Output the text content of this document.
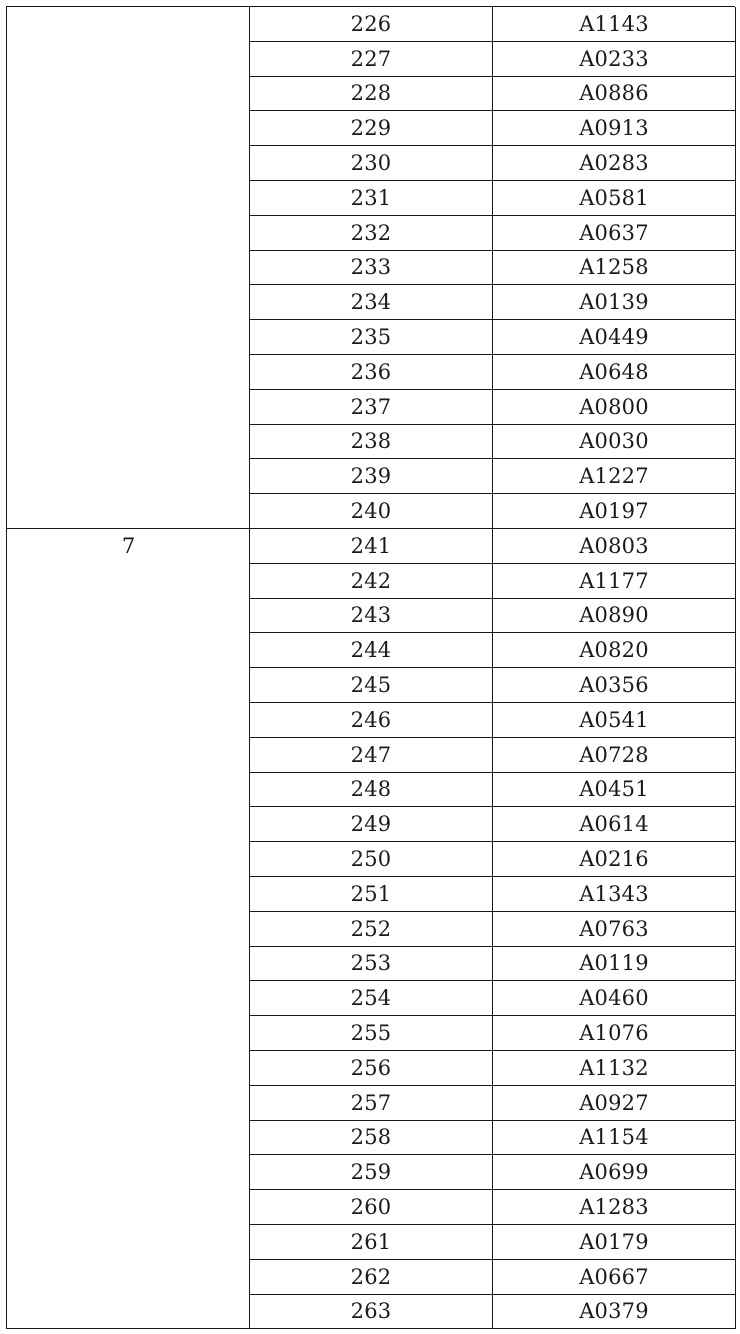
226	A1143
227	A0233
228	A0886
229	A0913
230	A0283
231	A0581
232	A0637
233	A1258
234	A0139
235	A0449
236	A0648
237	A0800
238	A0030
239	A1227
240	A0197
7	241	A0803
242	A1177
243	A0890
244	A0820
245	A0356
246	A0541
247	A0728
248	A0451
249	A0614
250	A0216
251	A1343
252	A0763
253	A0119
254	A0460
255	A1076
256	A1132
257	A0927
258	A1154
259	A0699
260	A1283
261	A0179
262	A0667
263	A0379
